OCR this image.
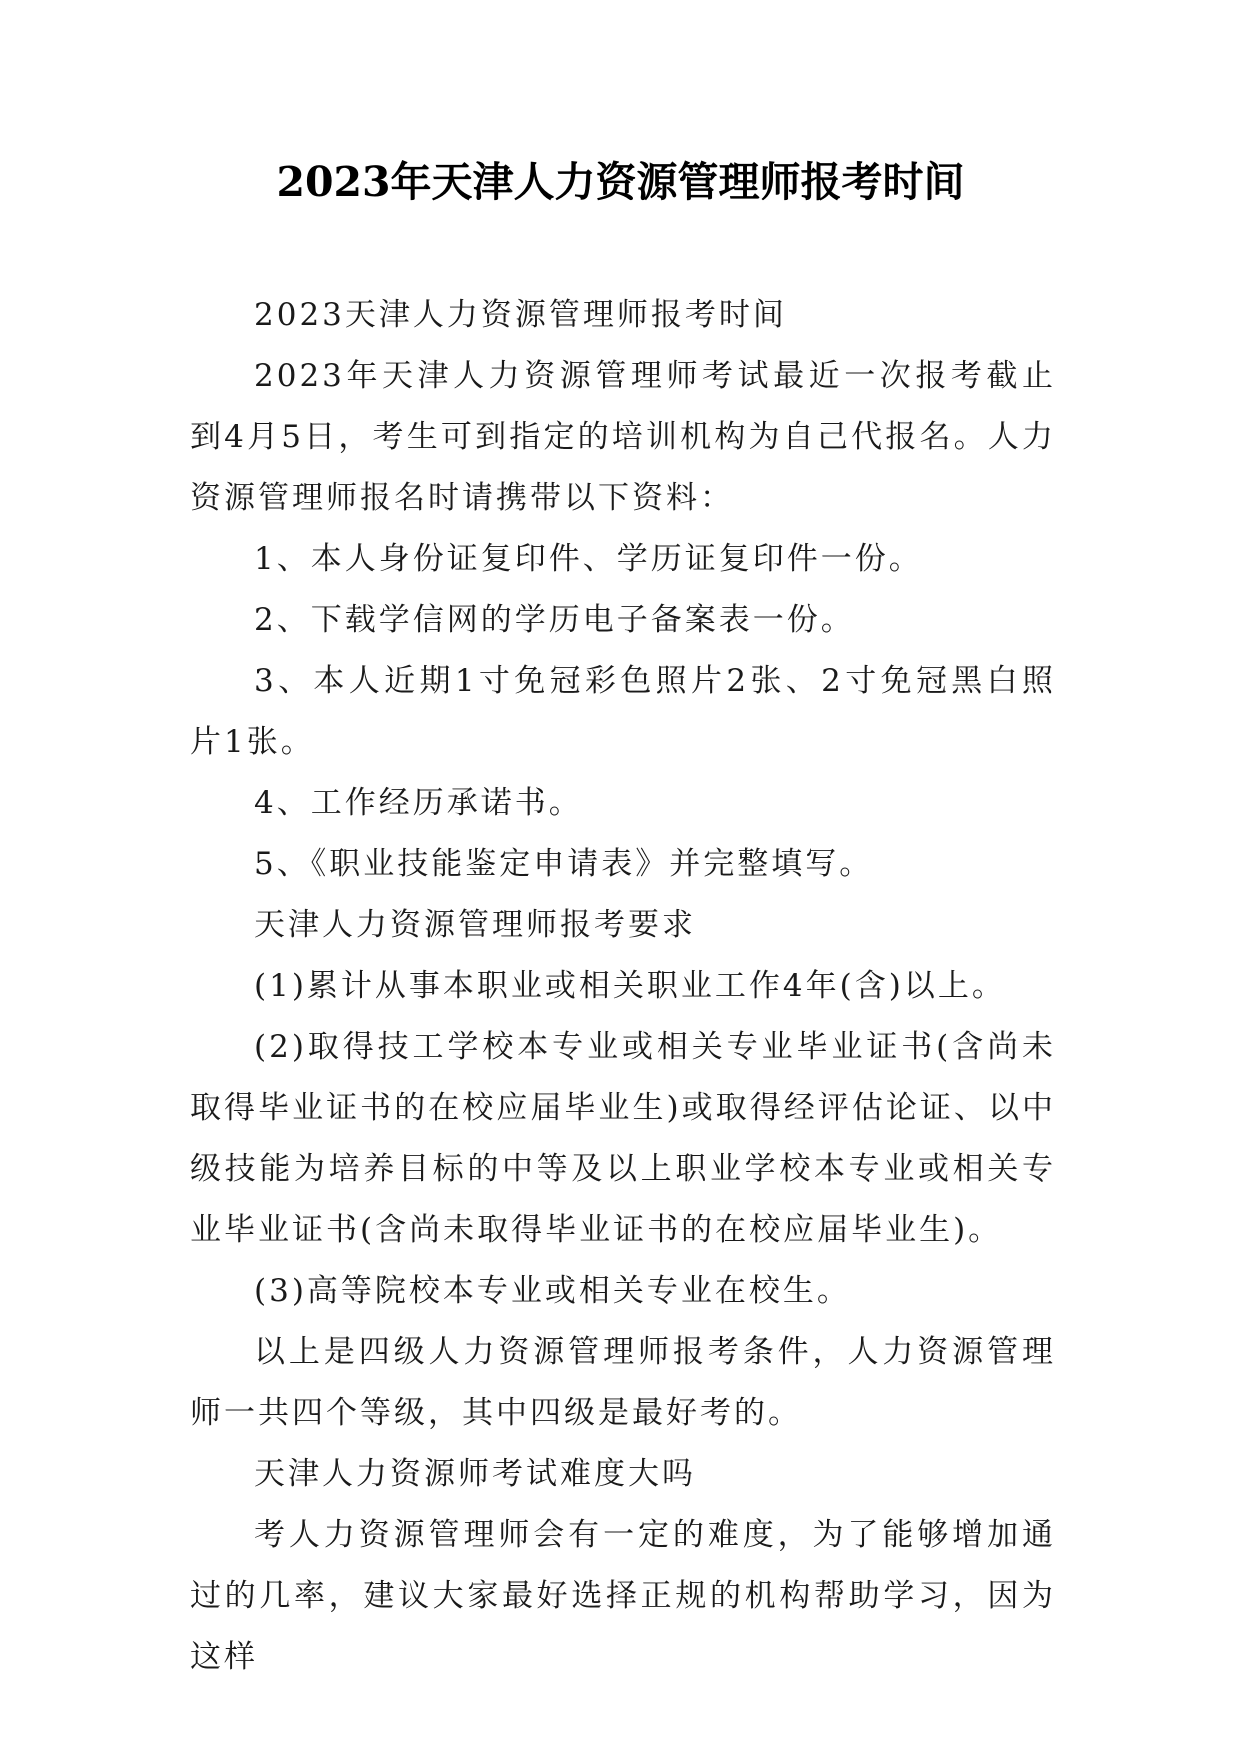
2023年天津人力资源管理师报考时间

2023天津人力资源管理师报考时间

2023年天津人力资源管理师考试最近一次报考截止到4月5日，考生可到指定的培训机构为自己代报名。人力资源管理师报名时请携带以下资料：

1、本人身份证复印件、学历证复印件一份。

2、下载学信网的学历电子备案表一份。

3、本人近期1寸免冠彩色照片2张、2寸免冠黑白照片1张。

4、工作经历承诺书。

5、《职业技能鉴定申请表》并完整填写。

天津人力资源管理师报考要求

(1)累计从事本职业或相关职业工作4年(含)以上。

(2)取得技工学校本专业或相关专业毕业证书(含尚未取得毕业证书的在校应届毕业生)或取得经评估论证、以中级技能为培养目标的中等及以上职业学校本专业或相关专业毕业证书(含尚未取得毕业证书的在校应届毕业生)。

(3)高等院校本专业或相关专业在校生。

以上是四级人力资源管理师报考条件，人力资源管理师一共四个等级，其中四级是最好考的。

天津人力资源师考试难度大吗

考人力资源管理师会有一定的难度，为了能够增加通过的几率，建议大家最好选择正规的机构帮助学习，因为这样
